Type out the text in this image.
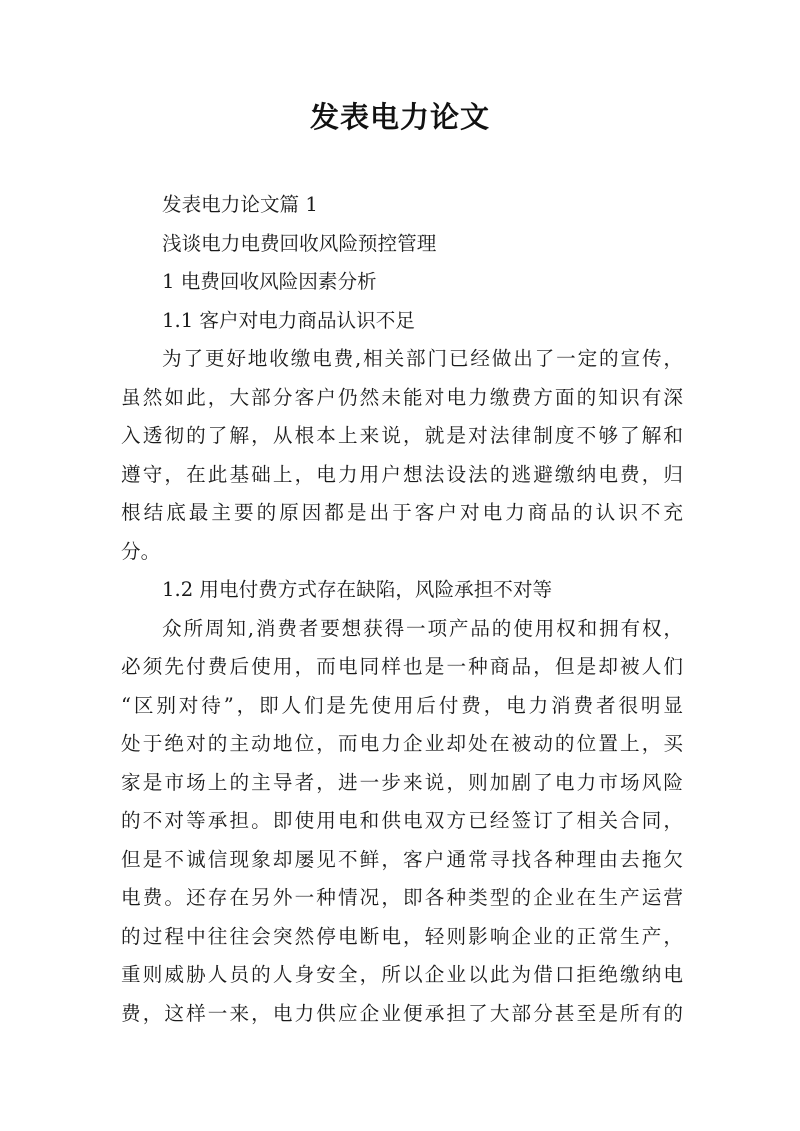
发表电力论文
发表电力论文篇 1
浅谈电力电费回收风险预控管理
1 电费回收风险因素分析
1.1 客户对电力商品认识不足
为了更好地收缴电费,相关部门已经做出了一定的宣传，
虽然如此，大部分客户仍然未能对电力缴费方面的知识有深
入透彻的了解，从根本上来说，就是对法律制度不够了解和
遵守，在此基础上，电力用户想法设法的逃避缴纳电费，归
根结底最主要的原因都是出于客户对电力商品的认识不充
分。
1.2 用电付费方式存在缺陷，风险承担不对等
众所周知,消费者要想获得一项产品的使用权和拥有权，
必须先付费后使用，而电同样也是一种商品，但是却被人们
“区别对待”，即人们是先使用后付费，电力消费者很明显
处于绝对的主动地位，而电力企业却处在被动的位置上，买
家是市场上的主导者，进一步来说，则加剧了电力市场风险
的不对等承担。即使用电和供电双方已经签订了相关合同，
但是不诚信现象却屡见不鲜，客户通常寻找各种理由去拖欠
电费。还存在另外一种情况，即各种类型的企业在生产运营
的过程中往往会突然停电断电，轻则影响企业的正常生产，
重则威胁人员的人身安全，所以企业以此为借口拒绝缴纳电
费，这样一来，电力供应企业便承担了大部分甚至是所有的
